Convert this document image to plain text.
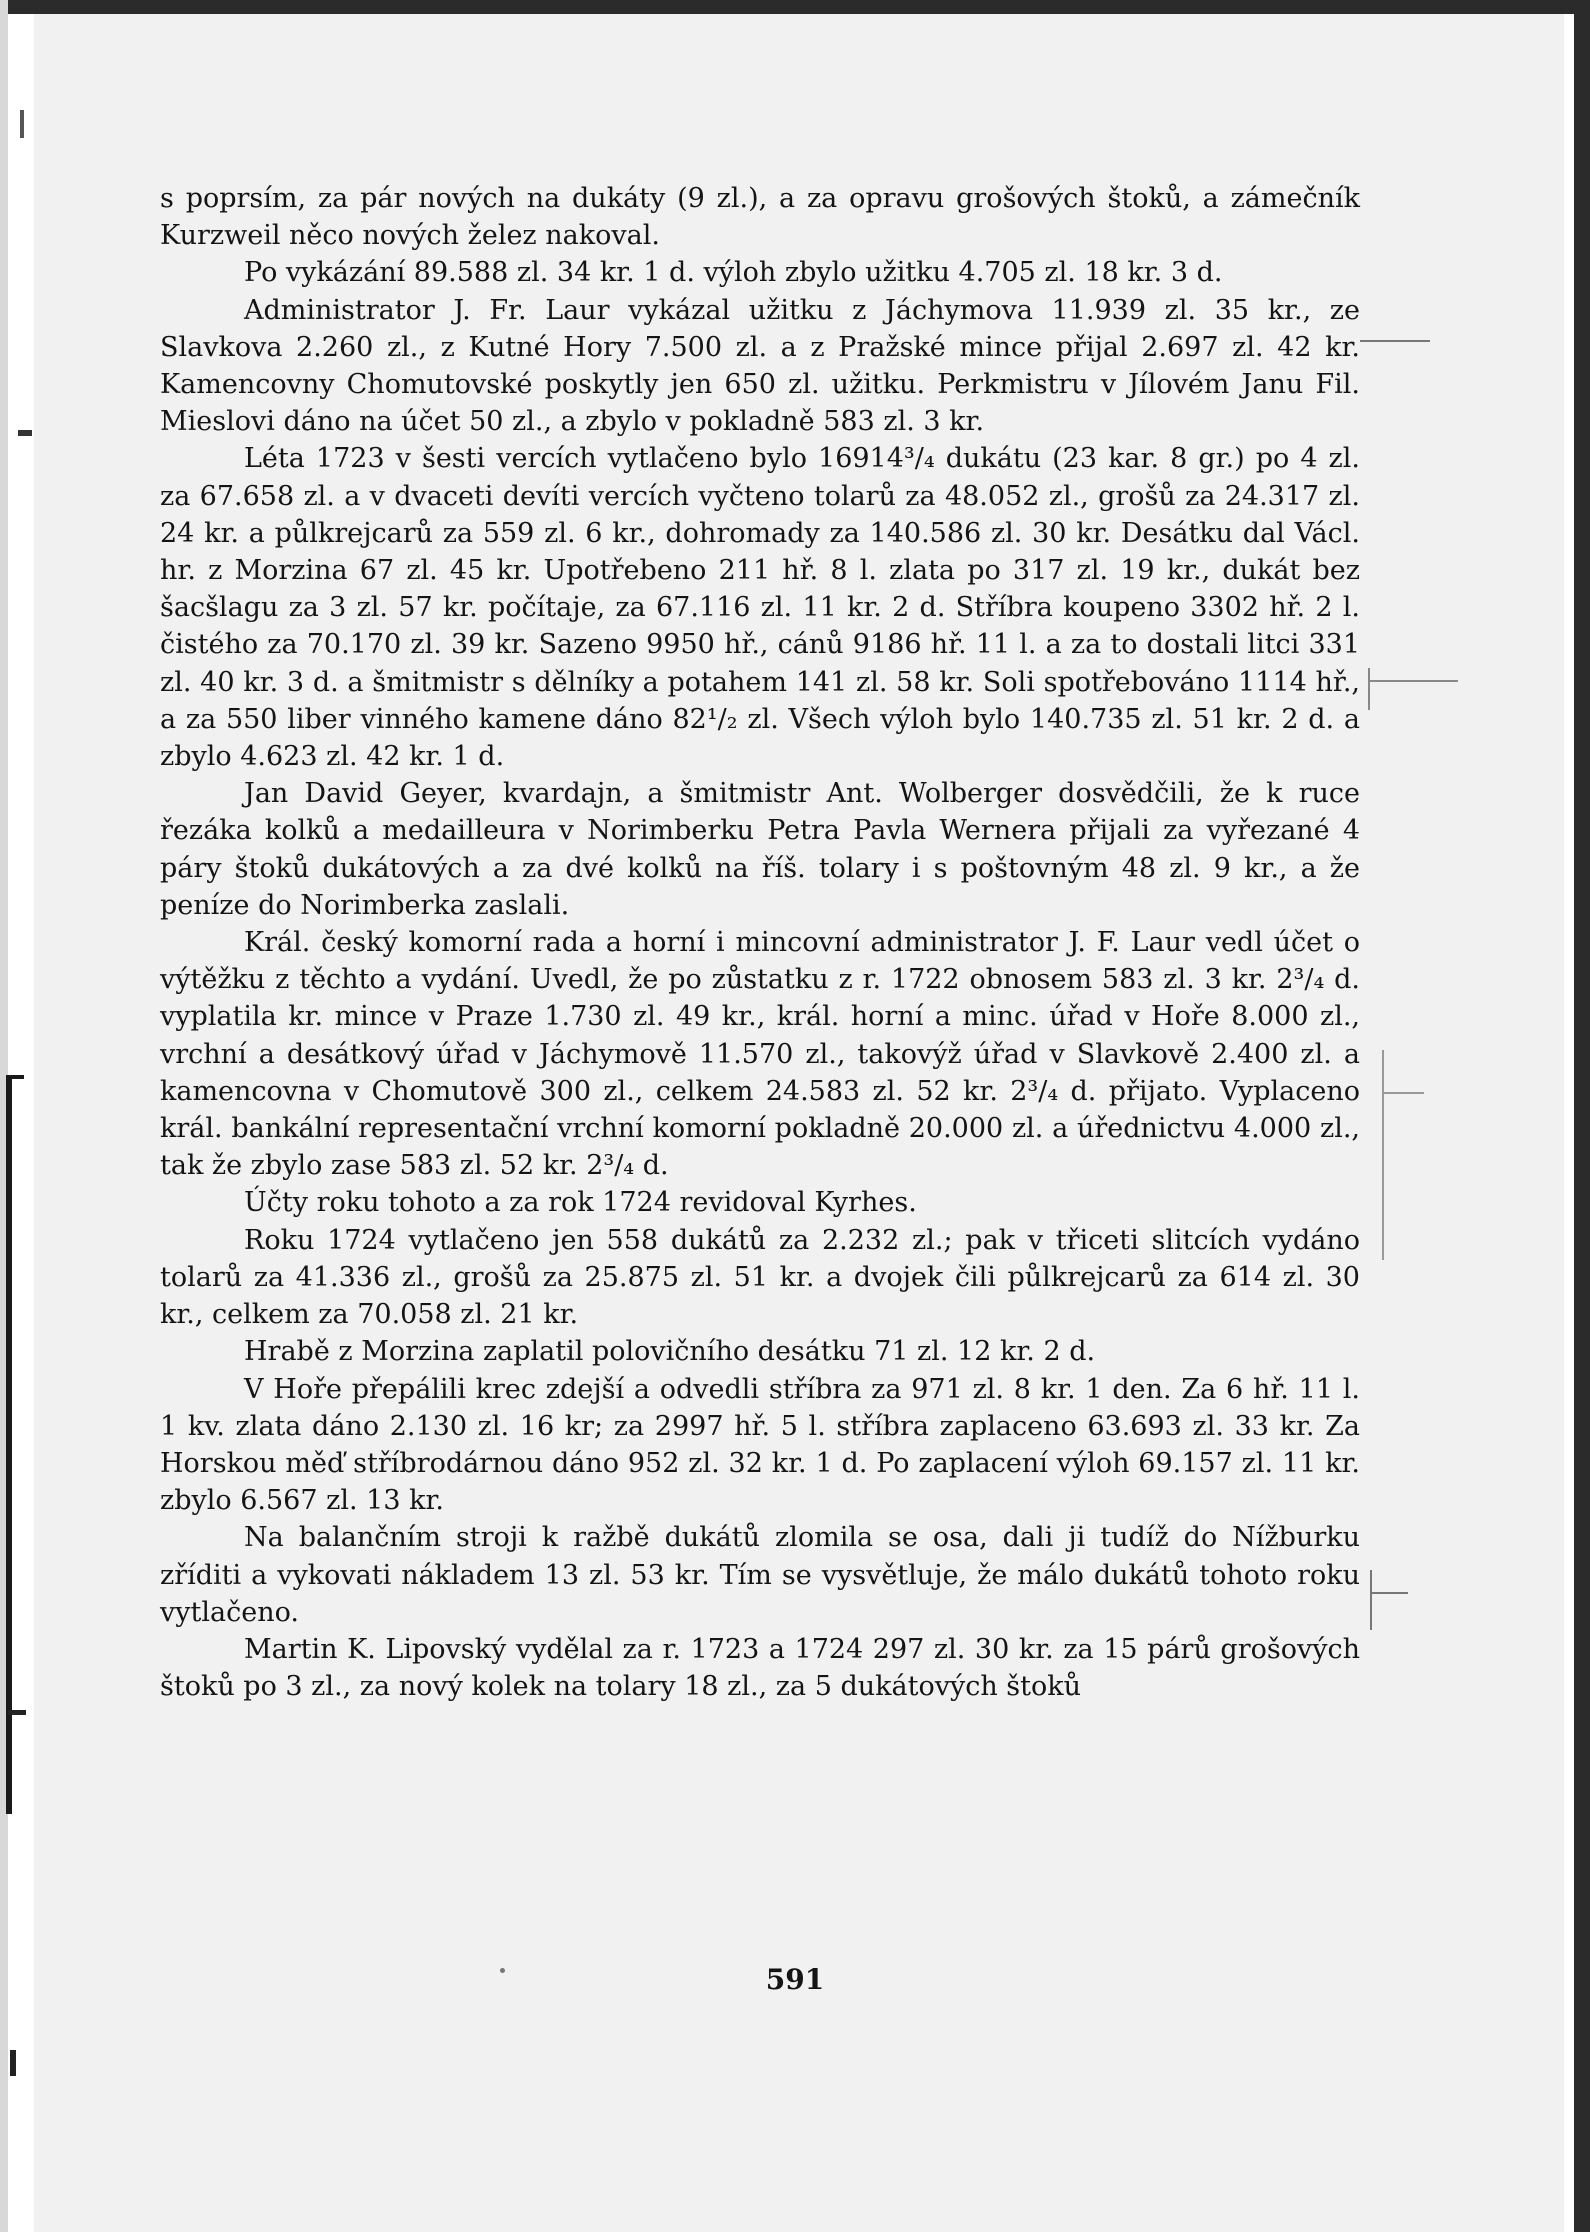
s poprsím, za pár nových na dukáty (9 zl.), a za opravu grošových štoků, a zámečník Kurzweil něco nových želez nakoval.

Po vykázání 89.588 zl. 34 kr. 1 d. výloh zbylo užitku 4.705 zl. 18 kr. 3 d.

Administrator J. Fr. Laur vykázal užitku z Jáchymova 11.939 zl. 35 kr., ze Slavkova 2.260 zl., z Kutné Hory 7.500 zl. a z Pražské mince přijal 2.697 zl. 42 kr. Kamencovny Chomutovské poskytly jen 650 zl. užitku. Perkmistru v Jílovém Janu Fil. Mieslovi dáno na účet 50 zl., a zbylo v pokladně 583 zl. 3 kr.

Léta 1723 v šesti vercích vytlačeno bylo 16914³/₄ dukátu (23 kar. 8 gr.) po 4 zl. za 67.658 zl. a v dvaceti devíti vercích vyčteno tolarů za 48.052 zl., grošů za 24.317 zl. 24 kr. a půlkrejcarů za 559 zl. 6 kr., dohromady za 140.586 zl. 30 kr. Desátku dal Václ. hr. z Morzina 67 zl. 45 kr. Upotřebeno 211 hř. 8 l. zlata po 317 zl. 19 kr., dukát bez šacšlagu za 3 zl. 57 kr. počítaje, za 67.116 zl. 11 kr. 2 d. Stříbra koupeno 3302 hř. 2 l. čistého za 70.170 zl. 39 kr. Sazeno 9950 hř., cánů 9186 hř. 11 l. a za to dostali litci 331 zl. 40 kr. 3 d. a šmitmistr s dělníky a potahem 141 zl. 58 kr. Soli spotřebováno 1114 hř., a za 550 liber vinného kamene dáno 82¹/₂ zl. Všech výloh bylo 140.735 zl. 51 kr. 2 d. a zbylo 4.623 zl. 42 kr. 1 d.

Jan David Geyer, kvardajn, a šmitmistr Ant. Wolberger dosvědčili, že k ruce řezáka kolků a medailleura v Norimberku Petra Pavla Wernera přijali za vyřezané 4 páry štoků dukátových a za dvé kolků na říš. tolary i s poštovným 48 zl. 9 kr., a že peníze do Norimberka zaslali.

Král. český komorní rada a horní i mincovní administrator J. F. Laur vedl účet o výtěžku z těchto a vydání. Uvedl, že po zůstatku z r. 1722 obnosem 583 zl. 3 kr. 2³/₄ d. vyplatila kr. mince v Praze 1.730 zl. 49 kr., král. horní a minc. úřad v Hoře 8.000 zl., vrchní a desátkový úřad v Jáchymově 11.570 zl., takovýž úřad v Slavkově 2.400 zl. a kamencovna v Chomutově 300 zl., celkem 24.583 zl. 52 kr. 2³/₄ d. přijato. Vyplaceno král. bankální representační vrchní komorní pokladně 20.000 zl. a úřednictvu 4.000 zl., tak že zbylo zase 583 zl. 52 kr. 2³/₄ d.

Účty roku tohoto a za rok 1724 revidoval Kyrhes.

Roku 1724 vytlačeno jen 558 dukátů za 2.232 zl.; pak v třiceti slitcích vydáno tolarů za 41.336 zl., grošů za 25.875 zl. 51 kr. a dvojek čili půlkrejcarů za 614 zl. 30 kr., celkem za 70.058 zl. 21 kr.

Hrabě z Morzina zaplatil polovičního desátku 71 zl. 12 kr. 2 d.

V Hoře přepálili krec zdejší a odvedli stříbra za 971 zl. 8 kr. 1 den. Za 6 hř. 11 l. 1 kv. zlata dáno 2.130 zl. 16 kr; za 2997 hř. 5 l. stříbra zaplaceno 63.693 zl. 33 kr. Za Horskou měď stříbrodárnou dáno 952 zl. 32 kr. 1 d. Po zaplacení výloh 69.157 zl. 11 kr. zbylo 6.567 zl. 13 kr.

Na balančním stroji k ražbě dukátů zlomila se osa, dali ji tudíž do Nížburku zříditi a vykovati nákladem 13 zl. 53 kr. Tím se vysvětluje, že málo dukátů tohoto roku vytlačeno.

Martin K. Lipovský vydělal za r. 1723 a 1724 297 zl. 30 kr. za 15 párů grošových štoků po 3 zl., za nový kolek na tolary 18 zl., za 5 dukátových štoků

591
